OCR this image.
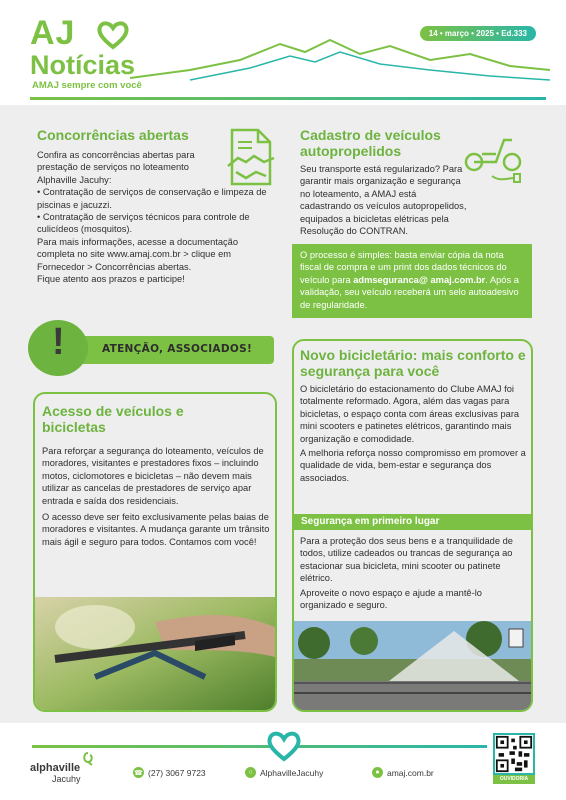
AJ
Notícias
AMAJ sempre com você
14 • março • 2025 • Ed.333
Concorrências abertas
Confira as concorrências abertas para prestação de serviços no loteamento Alphaville Jacuhy:
• Contratação de serviços de conservação e limpeza de piscinas e jacuzzi.
• Contratação de serviços técnicos para controle de culicídeos (mosquitos).
Para mais informações, acesse a documentação completa no site www.amaj.com.br > clique em Fornecedor > Concorrências abertas.
Fique atento aos prazos e participe!
Cadastro de veículos autopropelidos
Seu transporte está regularizado? Para garantir mais organização e segurança no loteamento, a AMAJ está cadastrando os veículos autopropelidos, equipados a bicicletas elétricas pela Resolução do CONTRAN.
O processo é simples: basta enviar cópia da nota fiscal de compra e um print dos dados técnicos do veículo para admseguranca@ amaj.com.br. Após a validação, seu veículo receberá um selo autoadesivo de regularidade.
!	ATENÇÃO, ASSOCIADOS!
Acesso de veículos e bicicletas
Para reforçar a segurança do loteamento, veículos de moradores, visitantes e prestadores fixos – incluindo motos, ciclomotores e bicicletas – não devem mais utilizar as cancelas de prestadores de serviço apar entrada e saída dos residenciais.
O acesso deve ser feito exclusivamente pelas baias de moradores e visitantes. A mudança garante um trânsito mais ágil e seguro para todos. Contamos com você!
Novo bicicletário: mais conforto e segurança para você
O bicicletário do estacionamento do Clube AMAJ foi totalmente reformado. Agora, além das vagas para bicicletas, o espaço conta com áreas exclusivas para mini scooters e patinetes elétricos, garantindo mais organização e comodidade.
A melhoria reforça nosso compromisso em promover a qualidade de vida, bem-estar e segurança dos associados.
Segurança em primeiro lugar
Para a proteção dos seus bens e a tranquilidade de todos, utilize cadeados ou trancas de segurança ao estacionar sua bicicleta, mini scooter ou patinete elétrico.
Aproveite o novo espaço e ajude a mantê-lo organizado e seguro.
alphaville
Jacuhy
☎ (27) 3067 9723	○ AlphavilleJacuhy	● amaj.com.br
OUVIDORIA
